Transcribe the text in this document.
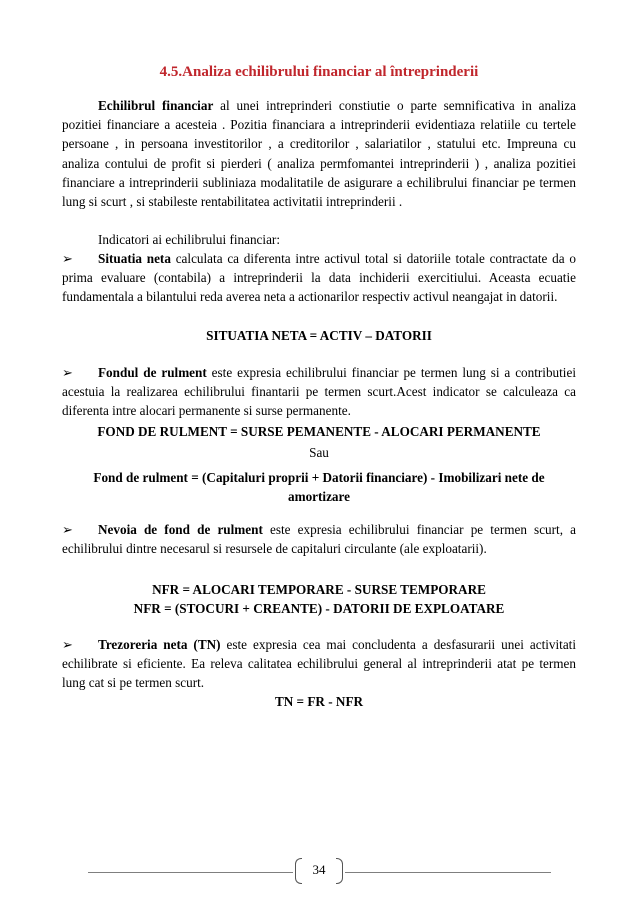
4.5.Analiza echilibrului financiar al întreprinderii

Echilibrul financiar al unei intreprinderi constiutie o parte semnificativa in analiza pozitiei financiare a acesteia . Pozitia financiara a intreprinderii evidentiaza relatiile cu tertele persoane , in persoana investitorilor , a creditorilor , salariatilor , statului etc. Impreuna cu analiza contului de profit si pierderi ( analiza permfomantei intreprinderii ) , analiza pozitiei financiare a intreprinderii subliniaza modalitatile de asigurare a echilibrului financiar pe termen lung si scurt , si stabileste rentabilitatea activitatii intreprinderii .

Indicatori ai echilibrului financiar:

➢ Situatia neta calculata ca diferenta intre activul total si datoriile totale contractate da o prima evaluare (contabila) a intreprinderii la data inchiderii exercitiului. Aceasta ecuatie fundamentala a bilantului reda averea neta a actionarilor respectiv activul neangajat in datorii.

SITUATIA NETA = ACTIV – DATORII

➢ Fondul de rulment este expresia echilibrului financiar pe termen lung si a contributiei acestuia la realizarea echilibrului finantarii pe termen scurt.Acest indicator se calculeaza ca diferenta intre alocari permanente si surse permanente.

FOND DE RULMENT = SURSE PEMANENTE - ALOCARI PERMANENTE
Sau
Fond de rulment = (Capitaluri proprii + Datorii financiare) - Imobilizari nete de
amortizare

➢ Nevoia de fond de rulment este expresia echilibrului financiar pe termen scurt, a echilibrului dintre necesarul si resursele de capitaluri circulante (ale exploatarii).

NFR = ALOCARI TEMPORARE - SURSE TEMPORARE
NFR = (STOCURI + CREANTE) - DATORII DE EXPLOATARE

➢ Trezoreria neta (TN) este expresia cea mai concludenta a desfasurarii unei activitati echilibrate si eficiente. Ea releva calitatea echilibrului general al intreprinderii atat pe termen lung cat si pe termen scurt.

TN = FR - NFR
34
